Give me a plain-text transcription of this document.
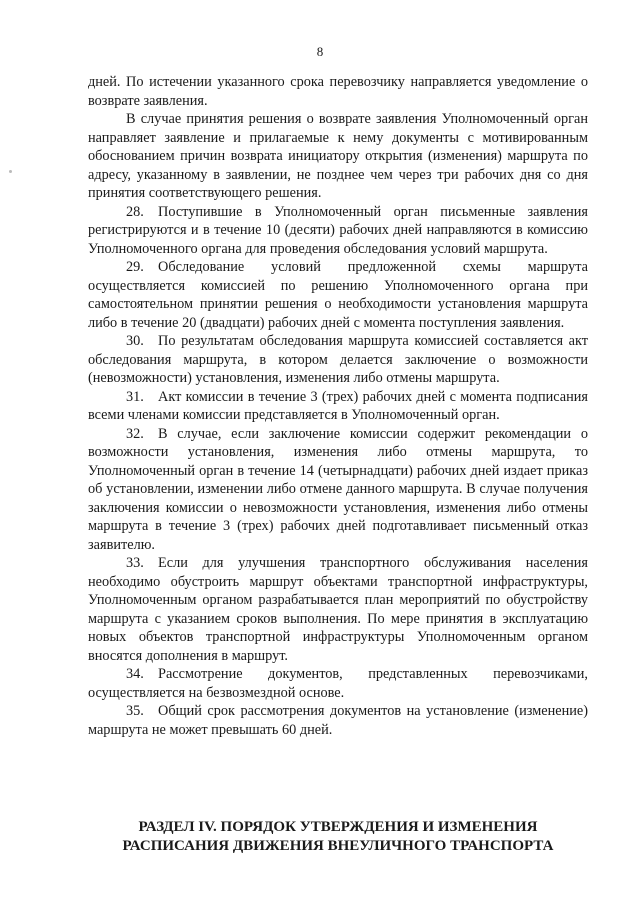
8

дней. По истечении указанного срока перевозчику направляется уведомление о возврате заявления.

В случае принятия решения о возврате заявления Уполномоченный орган направляет заявление и прилагаемые к нему документы с мотивированным обоснованием причин возврата инициатору открытия (изменения) маршрута по адресу, указанному в заявлении, не позднее чем через три рабочих дня со дня принятия соответствующего решения.

28. Поступившие в Уполномоченный орган письменные заявления регистрируются и в течение 10 (десяти) рабочих дней направляются в комиссию Уполномоченного органа для проведения обследования условий маршрута.

29. Обследование условий предложенной схемы маршрута осуществляется комиссией по решению Уполномоченного органа при самостоятельном принятии решения о необходимости установления маршрута либо в течение 20 (двадцати) рабочих дней с момента поступления заявления.

30. По результатам обследования маршрута комиссией составляется акт обследования маршрута, в котором делается заключение о возможности (невозможности) установления, изменения либо отмены маршрута.

31. Акт комиссии в течение 3 (трех) рабочих дней с момента подписания всеми членами комиссии представляется в Уполномоченный орган.

32. В случае, если заключение комиссии содержит рекомендации о возможности установления, изменения либо отмены маршрута, то Уполномоченный орган в течение 14 (четырнадцати) рабочих дней издает приказ об установлении, изменении либо отмене данного маршрута. В случае получения заключения комиссии о невозможности установления, изменения либо отмены маршрута в течение 3 (трех) рабочих дней подготавливает письменный отказ заявителю.

33. Если для улучшения транспортного обслуживания населения необходимо обустроить маршрут объектами транспортной инфраструктуры, Уполномоченным органом разрабатывается план мероприятий по обустройству маршрута с указанием сроков выполнения. По мере принятия в эксплуатацию новых объектов транспортной инфраструктуры Уполномоченным органом вносятся дополнения в маршрут.

34. Рассмотрение документов, представленных перевозчиками, осуществляется на безвозмездной основе.

35. Общий срок рассмотрения документов на установление (изменение) маршрута не может превышать 60 дней.

РАЗДЕЛ IV. ПОРЯДОК УТВЕРЖДЕНИЯ И ИЗМЕНЕНИЯ
РАСПИСАНИЯ ДВИЖЕНИЯ ВНЕУЛИЧНОГО ТРАНСПОРТА
